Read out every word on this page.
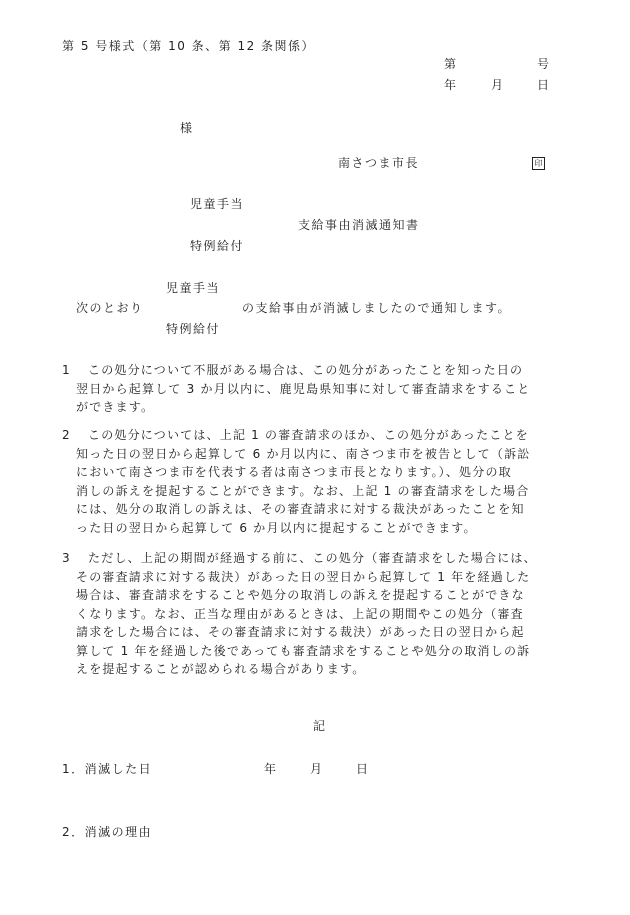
第 5 号様式（第 10 条、第 12 条関係）
第	号
年	月	日
様
南さつま市長	印
児童手当
支給事由消滅通知書
特例給付
児童手当
次のとおり	の支給事由が消滅しましたので通知します。
特例給付
1	この処分について不服がある場合は、この処分があったことを知った日の
翌日から起算して 3 か月以内に、鹿児島県知事に対して審査請求をすること
ができます。
2	この処分については、上記 1 の審査請求のほか、この処分があったことを
知った日の翌日から起算して 6 か月以内に、南さつま市を被告として（訴訟
において南さつま市を代表する者は南さつま市長となります。）、処分の取
消しの訴えを提起することができます。なお、上記 1 の審査請求をした場合
には、処分の取消しの訴えは、その審査請求に対する裁決があったことを知
った日の翌日から起算して 6 か月以内に提起することができます。
3	ただし、上記の期間が経過する前に、この処分（審査請求をした場合には、
その審査請求に対する裁決）があった日の翌日から起算して 1 年を経過した
場合は、審査請求をすることや処分の取消しの訴えを提起することができな
くなります。なお、正当な理由があるときは、上記の期間やこの処分（審査
請求をした場合には、その審査請求に対する裁決）があった日の翌日から起
算して 1 年を経過した後であっても審査請求をすることや処分の取消しの訴
えを提起することが認められる場合があります。
記
1．消滅した日	年	月	日
2．消滅の理由
